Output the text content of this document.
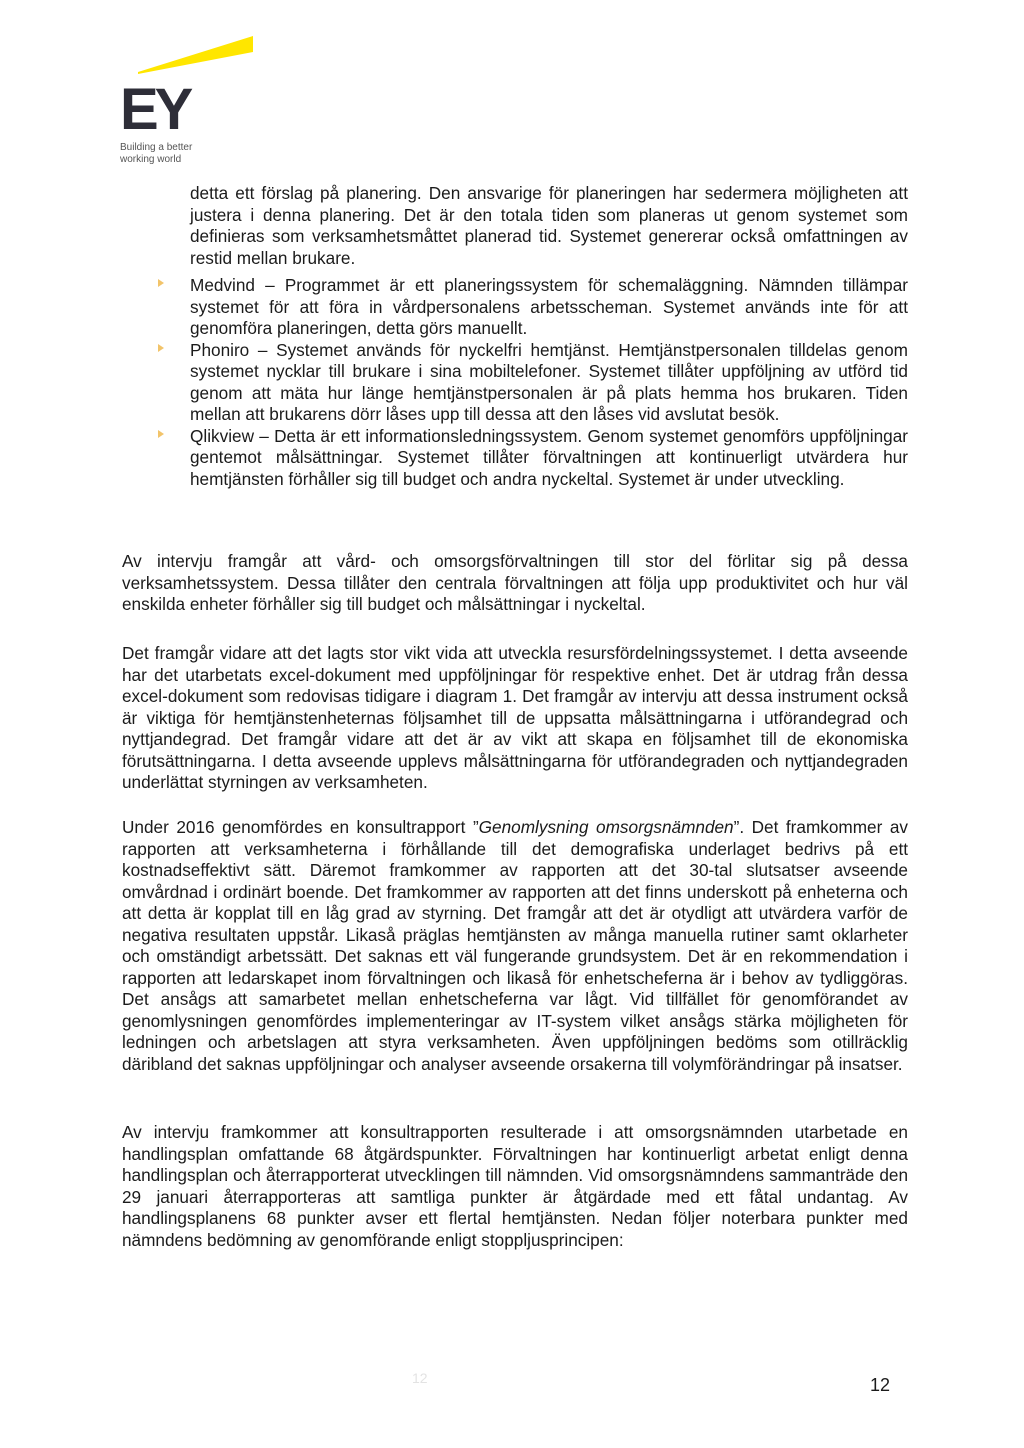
EY
Building a better
working world

detta ett förslag på planering. Den ansvarige för planeringen har sedermera möjligheten att justera i denna planering. Det är den totala tiden som planeras ut genom systemet som definieras som verksamhetsmåttet planerad tid. Systemet genererar också omfattningen av restid mellan brukare.

Medvind – Programmet är ett planeringssystem för schemaläggning. Nämnden tillämpar systemet för att föra in vårdpersonalens arbetsscheman. Systemet används inte för att genomföra planeringen, detta görs manuellt.

Phoniro – Systemet används för nyckelfri hemtjänst. Hemtjänstpersonalen tilldelas genom systemet nycklar till brukare i sina mobiltelefoner. Systemet tillåter uppföljning av utförd tid genom att mäta hur länge hemtjänstpersonalen är på plats hemma hos brukaren. Tiden mellan att brukarens dörr låses upp till dessa att den låses vid avslutat besök.

Qlikview – Detta är ett informationsledningssystem. Genom systemet genomförs uppföljningar gentemot målsättningar. Systemet tillåter förvaltningen att kontinuerligt utvärdera hur hemtjänsten förhåller sig till budget och andra nyckeltal. Systemet är under utveckling.

Av intervju framgår att vård- och omsorgsförvaltningen till stor del förlitar sig på dessa verksamhetssystem. Dessa tillåter den centrala förvaltningen att följa upp produktivitet och hur väl enskilda enheter förhåller sig till budget och målsättningar i nyckeltal.

Det framgår vidare att det lagts stor vikt vida att utveckla resursfördelningssystemet. I detta avseende har det utarbetats excel-dokument med uppföljningar för respektive enhet. Det är utdrag från dessa excel-dokument som redovisas tidigare i diagram 1. Det framgår av intervju att dessa instrument också är viktiga för hemtjänstenheternas följsamhet till de uppsatta målsättningarna i utförandegrad och nyttjandegrad. Det framgår vidare att det är av vikt att skapa en följsamhet till de ekonomiska förutsättningarna. I detta avseende upplevs målsättningarna för utförandegraden och nyttjandegraden underlättat styrningen av verksamheten.

Under 2016 genomfördes en konsultrapport ”Genomlysning omsorgsnämnden”. Det framkommer av rapporten att verksamheterna i förhållande till det demografiska underlaget bedrivs på ett kostnadseffektivt sätt. Däremot framkommer av rapporten att det 30-tal slutsatser avseende omvårdnad i ordinärt boende. Det framkommer av rapporten att det finns underskott på enheterna och att detta är kopplat till en låg grad av styrning. Det framgår att det är otydligt att utvärdera varför de negativa resultaten uppstår. Likaså präglas hemtjänsten av många manuella rutiner samt oklarheter och omständigt arbetssätt. Det saknas ett väl fungerande grundsystem. Det är en rekommendation i rapporten att ledarskapet inom förvaltningen och likaså för enhetscheferna är i behov av tydliggöras. Det ansågs att samarbetet mellan enhetscheferna var lågt. Vid tillfället för genomförandet av genomlysningen genomfördes implementeringar av IT-system vilket ansågs stärka möjligheten för ledningen och arbetslagen att styra verksamheten. Även uppföljningen bedöms som otillräcklig däribland det saknas uppföljningar och analyser avseende orsakerna till volymförändringar på insatser.

Av intervju framkommer att konsultrapporten resulterade i att omsorgsnämnden utarbetade en handlingsplan omfattande 68 åtgärdspunkter. Förvaltningen har kontinuerligt arbetat enligt denna handlingsplan och återrapporterat utvecklingen till nämnden. Vid omsorgsnämndens sammanträde den 29 januari återrapporteras att samtliga punkter är åtgärdade med ett fåtal undantag. Av handlingsplanens 68 punkter avser ett flertal hemtjänsten. Nedan följer noterbara punkter med nämndens bedömning av genomförande enligt stoppljusprincipen:

12	12
